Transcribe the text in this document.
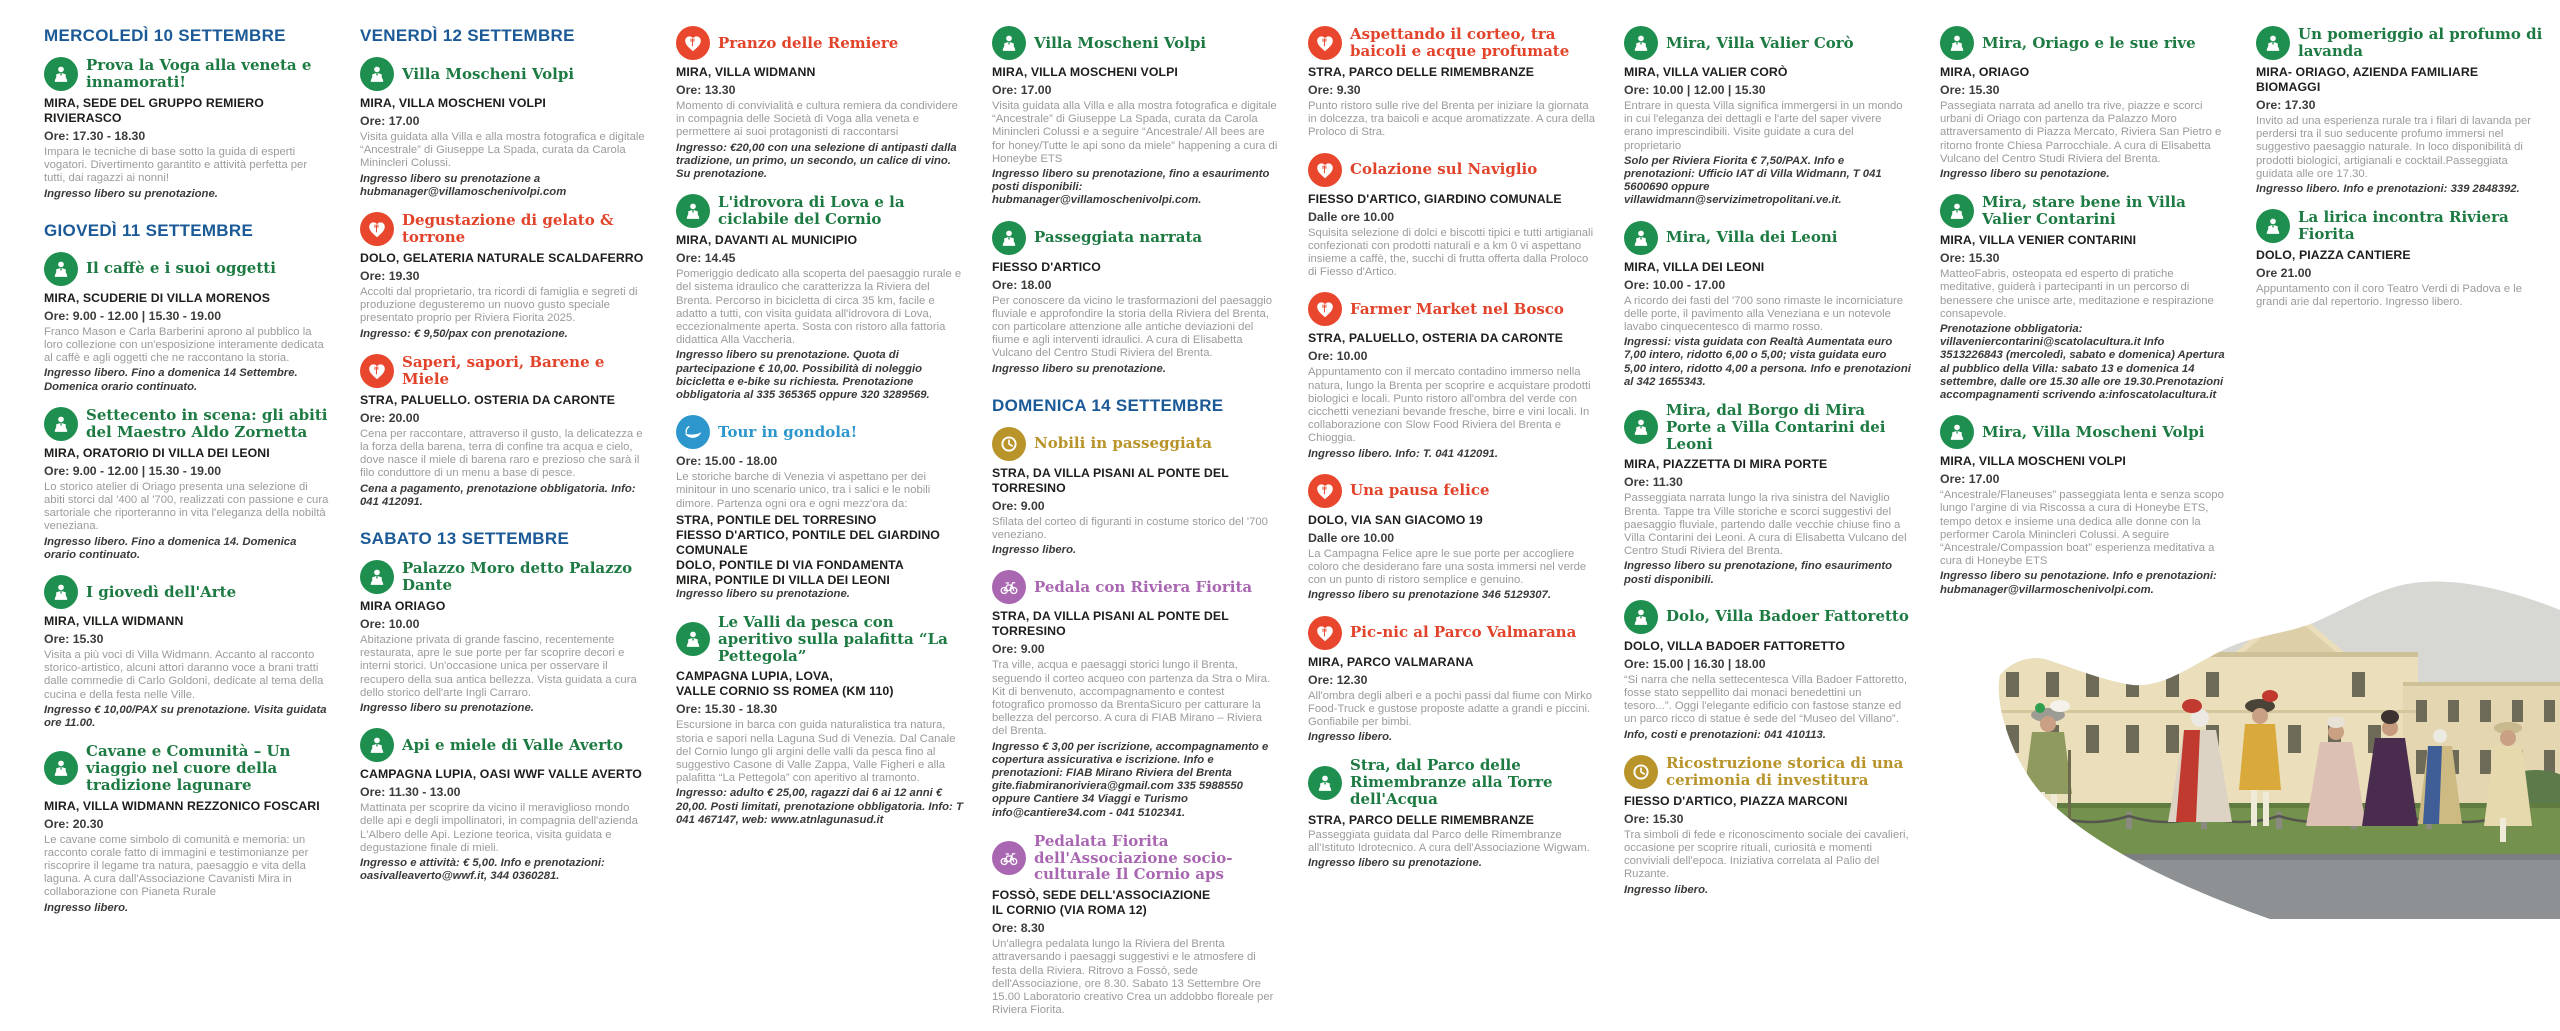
MERCOLEDÌ 10 SETTEMBRE
Prova la Voga alla veneta e innamorati!
MIRA, SEDE DEL GRUPPO REMIERO RIVIERASCO
Ore: 17.30 - 18.30

Impara le tecniche di base sotto la guida di esperti vogatori. Divertimento garantito e attività perfetta per tutti, dai ragazzi ai nonni!

Ingresso libero su prenotazione.

GIOVEDÌ 11 SETTEMBRE
Il caffè e i suoi oggetti
MIRA, SCUDERIE DI VILLA MORENOS
Ore: 9.00 - 12.00 | 15.30 - 19.00

Franco Mason e Carla Barberini aprono al pubblico la loro collezione con un'esposizione interamente dedicata al caffè e agli oggetti che ne raccontano la storia.

Ingresso libero. Fino a domenica 14 Settembre. Domenica orario continuato.

Settecento in scena: gli abiti del Maestro Aldo Zornetta
MIRA, ORATORIO DI VILLA DEI LEONI
Ore: 9.00 - 12.00 | 15.30 - 19.00

Lo storico atelier di Oriago presenta una selezione di abiti storci dal '400 al '700, realizzati con passione e cura sartoriale che riporteranno in vita l'eleganza della nobiltà veneziana.

Ingresso libero. Fino a domenica 14. Domenica orario continuato.

I giovedì dell'Arte
MIRA, VILLA WIDMANN
Ore: 15.30

Visita a più voci di Villa Widmann. Accanto al racconto storico-artistico, alcuni attori daranno voce a brani tratti dalle commedie di Carlo Goldoni, dedicate al tema della cucina e della festa nelle Ville.

Ingresso € 10,00/PAX su prenotazione. Visita guidata ore 11.00.

Cavane e Comunità – Un viaggio nel cuore della tradizione lagunare
MIRA, VILLA WIDMANN REZZONICO FOSCARI
Ore: 20.30

Le cavane come simbolo di comunità e memoria: un racconto corale fatto di immagini e testimonianze per riscoprire il legame tra natura, paesaggio e vita della laguna. A cura dall'Associazione Cavanisti Mira in collaborazione con Pianeta Rurale

Ingresso libero.

VENERDÌ 12 SETTEMBRE
Villa Moscheni Volpi
MIRA, VILLA MOSCHENI VOLPI
Ore: 17.00

Visita guidata alla Villa e alla mostra fotografica e digitale “Ancestrale” di Giuseppe La Spada, curata da Carola Minincleri Colussi.

Ingresso libero su prenotazione a hubmanager@villamoschenivolpi.com

Degustazione di gelato & torrone
DOLO, GELATERIA NATURALE SCALDAFERRO
Ore: 19.30

Accolti dal proprietario, tra ricordi di famiglia e segreti di produzione degusteremo un nuovo gusto speciale presentato proprio per Riviera Fiorita 2025.

Ingresso: € 9,50/pax con prenotazione.

Saperi, sapori, Barene e Miele
STRA, PALUELLO. OSTERIA DA CARONTE
Ore: 20.00

Cena per raccontare, attraverso il gusto, la delicatezza e la forza della barena, terra di confine tra acqua e cielo, dove nasce il miele di barena raro e prezioso che sarà il filo conduttore di un menu a base di pesce.

Cena a pagamento, prenotazione obbligatoria. Info: 041 412091.

SABATO 13 SETTEMBRE
Palazzo Moro detto Palazzo Dante
MIRA ORIAGO
Ore: 10.00

Abitazione privata di grande fascino, recentemente restaurata, apre le sue porte per far scoprire decori e interni storici. Un'occasione unica per osservare il recupero della sua antica bellezza. Vista guidata a cura dello storico dell'arte Ingli Carraro.

Ingresso libero su prenotazione.

Api e miele di Valle Averto
CAMPAGNA LUPIA, OASI WWF VALLE AVERTO
Ore: 11.30 - 13.00

Mattinata per scoprire da vicino il meraviglioso mondo delle api e degli impollinatori, in compagnia dell'azienda L'Albero delle Api. Lezione teorica, visita guidata e degustazione finale di mieli.

Ingresso e attività: € 5,00. Info e prenotazioni: oasivalleaverto@wwf.it, 344 0360281.

Pranzo delle Remiere
MIRA, VILLA WIDMANN
Ore: 13.30

Momento di convivialità e cultura remiera da condividere in compagnia delle Società di Voga alla veneta e permettere ai suoi protagonisti di raccontarsi

Ingresso: €20,00 con una selezione di antipasti dalla tradizione, un primo, un secondo, un calice di vino. Su prenotazione.

L'idrovora di Lova e la ciclabile del Cornio
MIRA, DAVANTI AL MUNICIPIO
Ore: 14.45

Pomeriggio dedicato alla scoperta del paesaggio rurale e del sistema idraulico che caratterizza la Riviera del Brenta. Percorso in bicicletta di circa 35 km, facile e adatto a tutti, con visita guidata all'idrovora di Lova, eccezionalmente aperta. Sosta con ristoro alla fattoria didattica Alla Vaccheria.

Ingresso libero su prenotazione. Quota di partecipazione € 10,00. Possibilità di noleggio bicicletta e e-bike su richiesta. Prenotazione obbligatoria al 335 365365 oppure 320 3289569.

Tour in gondola!
Ore: 15.00 - 18.00

Le storiche barche di Venezia vi aspettano per dei minitour in uno scenario unico, tra i salici e le nobili dimore. Partenza ogni ora e ogni mezz'ora da:

STRA, PONTILE DEL TORRESINO
FIESSO D'ARTICO, PONTILE DEL GIARDINO COMUNALE
DOLO, PONTILE DI VIA FONDAMENTA
MIRA, PONTILE DI VILLA DEI LEONI

Ingresso libero su prenotazione.

Le Valli da pesca con aperitivo sulla palafitta “La Pettegola”
CAMPAGNA LUPIA, LOVA,
VALLE CORNIO SS ROMEA (KM 110)
Ore: 15.30 - 18.30

Escursione in barca con guida naturalistica tra natura, storia e sapori nella Laguna Sud di Venezia. Dal Canale del Cornio lungo gli argini delle valli da pesca fino al suggestivo Casone di Valle Zappa, Valle Figheri e alla palafitta “La Pettegola” con aperitivo al tramonto.

Ingresso: adulto € 25,00, ragazzi dai 6 ai 12 anni € 20,00. Posti limitati, prenotazione obbligatoria. Info: T 041 467147, web: www.atnlagunasud.it

Villa Moscheni Volpi
MIRA, VILLA MOSCHENI VOLPI
Ore: 17.00

Visita guidata alla Villa e alla mostra fotografica e digitale “Ancestrale” di Giuseppe La Spada, curata da Carola Minincleri Colussi e a seguire “Ancestrale/ All bees are for honey/Tutte le api sono da miele” happening a cura di Honeybe ETS

Ingresso libero su prenotazione, fino a esaurimento posti disponibili: hubmanager@villamoschenivolpi.com.

Passeggiata narrata
FIESSO D'ARTICO
Ore: 18.00

Per conoscere da vicino le trasformazioni del paesaggio fluviale e approfondire la storia della Riviera del Brenta, con particolare attenzione alle antiche deviazioni del fiume e agli interventi idraulici. A cura di Elisabetta Vulcano del Centro Studi Riviera del Brenta.

Ingresso libero su prenotazione.

DOMENICA 14 SETTEMBRE
Nobili in passeggiata
STRA, DA VILLA PISANI AL PONTE DEL TORRESINO
Ore: 9.00

Sfilata del corteo di figuranti in costume storico del '700 veneziano.

Ingresso libero.

Pedala con Riviera Fiorita
STRA, DA VILLA PISANI AL PONTE DEL TORRESINO
Ore: 9.00

Tra ville, acqua e paesaggi storici lungo il Brenta, seguendo il corteo acqueo con partenza da Stra o Mira. Kit di benvenuto, accompagnamento e contest fotografico promosso da BrentaSicuro per catturare la bellezza del percorso. A cura di FIAB Mirano – Riviera del Brenta.

Ingresso € 3,00 per iscrizione, accompagnamento e copertura assicurativa e iscrizione. Info e prenotazioni: FIAB Mirano Riviera del Brenta gite.fiabmiranoriviera@gmail.com 335 5988550 oppure Cantiere 34 Viaggi e Turismo info@cantiere34.com - 041 5102341.

Pedalata Fiorita dell'Associazione socio-culturale Il Cornio aps
FOSSÒ, SEDE DELL'ASSOCIAZIONE
IL CORNIO (VIA ROMA 12)
Ore: 8.30

Un'allegra pedalata lungo la Riviera del Brenta attraversando i paesaggi suggestivi e le atmosfere di festa della Riviera. Ritrovo a Fossò, sede dell'Associazione, ore 8.30. Sabato 13 Settembre Ore 15.00 Laboratorio creativo Crea un addobbo floreale per Riviera Fiorita.

Aspettando il corteo, tra baicoli e acque profumate
STRA, PARCO DELLE RIMEMBRANZE
Ore: 9.30

Punto ristoro sulle rive del Brenta per iniziare la giornata in dolcezza, tra baicoli e acque aromatizzate. A cura della Proloco di Stra.

Colazione sul Naviglio
FIESSO D'ARTICO, GIARDINO COMUNALE
Dalle ore 10.00

Squisita selezione di dolci e biscotti tipici e tutti artigianali confezionati con prodotti naturali e a km 0 vi aspettano insieme a caffè, the, succhi di frutta offerta dalla Proloco di Fiesso d'Artico.

Farmer Market nel Bosco
STRA, PALUELLO, OSTERIA DA CARONTE
Ore: 10.00

Appuntamento con il mercato contadino immerso nella natura, lungo la Brenta per scoprire e acquistare prodotti biologici e locali. Punto ristoro all'ombra del verde con cicchetti veneziani bevande fresche, birre e vini locali. In collaborazione con Slow Food Riviera del Brenta e Chioggia.

Ingresso libero. Info: T. 041 412091.

Una pausa felice
DOLO, VIA SAN GIACOMO 19
Dalle ore 10.00

La Campagna Felice apre le sue porte per accogliere coloro che desiderano fare una sosta immersi nel verde con un punto di ristoro semplice e genuino.

Ingresso libero su prenotazione 346 5129307.

Pic-nic al Parco Valmarana
MIRA, PARCO VALMARANA
Ore: 12.30

All'ombra degli alberi e a pochi passi dal fiume con Mirko Food-Truck e gustose proposte adatte a grandi e piccini. Gonfiabile per bimbi.

Ingresso libero.

Stra, dal Parco delle Rimembranze alla Torre dell'Acqua
STRA, PARCO DELLE RIMEMBRANZE

Passeggiata guidata dal Parco delle Rimembranze all'Istituto Idrotecnico. A cura dell'Associazione Wigwam.

Ingresso libero su prenotazione.

Mira, Villa Valier Corò
MIRA, VILLA VALIER CORÒ
Ore: 10.00 | 12.00 | 15.30

Entrare in questa Villa significa immergersi in un mondo in cui l'eleganza dei dettagli e l'arte del saper vivere erano imprescindibili. Visite guidate a cura del proprietario

Solo per Riviera Fiorita € 7,50/PAX. Info e prenotazioni: Ufficio IAT di Villa Widmann, T 041 5600690 oppure villawidmann@servizimetropolitani.ve.it.

Mira, Villa dei Leoni
MIRA, VILLA DEI LEONI
Ore: 10.00 - 17.00

A ricordo dei fasti del '700 sono rimaste le incorniciature delle porte, il pavimento alla Veneziana e un notevole lavabo cinquecentesco di marmo rosso.

Ingressi: vista guidata con Realtà Aumentata euro 7,00 intero, ridotto 6,00 o 5,00; vista guidata euro 5,00 intero, ridotto 4,00 a persona. Info e prenotazioni al 342 1655343.

Mira, dal Borgo di Mira Porte a Villa Contarini dei Leoni
MIRA, PIAZZETTA DI MIRA PORTE
Ore: 11.30

Passeggiata narrata lungo la riva sinistra del Naviglio Brenta. Tappe tra Ville storiche e scorci suggestivi del paesaggio fluviale, partendo dalle vecchie chiuse fino a Villa Contarini dei Leoni. A cura di Elisabetta Vulcano del Centro Studi Riviera del Brenta.

Ingresso libero su prenotazione, fino esaurimento posti disponibili.

Dolo, Villa Badoer Fattoretto
DOLO, VILLA BADOER FATTORETTO
Ore: 15.00 | 16.30 | 18.00

“Si narra che nella settecentesca Villa Badoer Fattoretto, fosse stato seppellito dai monaci benedettini un tesoro...”. Oggi l'elegante edificio con fastose stanze ed un parco ricco di statue è sede del “Museo del Villano”.

Info, costi e prenotazioni: 041 410113.

Ricostruzione storica di una cerimonia di investitura
FIESSO D'ARTICO, PIAZZA MARCONI
Ore: 15.30

Tra simboli di fede e riconoscimento sociale dei cavalieri, occasione per scoprire rituali, curiosità e momenti conviviali dell'epoca. Iniziativa correlata al Palio del Ruzante.

Ingresso libero.

Mira, Oriago e le sue rive
MIRA, ORIAGO
Ore: 15.30

Passegiata narrata ad anello tra rive, piazze e scorci urbani di Oriago con partenza da Palazzo Moro attraversamento di Piazza Mercato, Riviera San Pietro e ritorno fronte Chiesa Parrocchiale. A cura di Elisabetta Vulcano del Centro Studi Riviera del Brenta.

Ingresso libero su penotazione.

Mira, stare bene in Villa Valier Contarini
MIRA, VILLA VENIER CONTARINI
Ore: 15.30

MatteoFabris, osteopata ed esperto di pratiche meditative, guiderà i partecipanti in un percorso di benessere che unisce arte, meditazione e respirazione consapevole.

Prenotazione obbligatoria: villaveniercontarini@scatolacultura.it Info 3513226843 (mercoledì, sabato e domenica) Apertura al pubblico della Villa: sabato 13 e domenica 14 settembre, dalle ore 15.30 alle ore 19.30.Prenotazioni accompagnamenti scrivendo a:infoscatolacultura.it

Mira, Villa Moscheni Volpi
MIRA, VILLA MOSCHENI VOLPI
Ore: 17.00

“Ancestrale/Flaneuses” passeggiata lenta e senza scopo lungo l'argine di via Riscossa a cura di Honeybe ETS, tempo detox e insieme una dedica alle donne con la performer Carola Minincleri Colussi. A seguire “Ancestrale/Compassion boat” esperienza meditativa a cura di Honeybe ETS

Ingresso libero su penotazione. Info e prenotazioni: hubmanager@villarmoschenivolpi.com.

Un pomeriggio al profumo di lavanda
MIRA- ORIAGO, AZIENDA FAMILIARE BIOMAGGI
Ore: 17.30

Invito ad una esperienza rurale tra i filari di lavanda per perdersi tra il suo seducente profumo immersi nel suggestivo paesaggio naturale. In loco disponibilità di prodotti biologici, artigianali e cocktail.Passeggiata guidata alle ore 17.30.

Ingresso libero. Info e prenotazioni: 339 2848392.

La lirica incontra Riviera Fiorita
DOLO, PIAZZA CANTIERE
Ore 21.00

Appuntamento con il coro Teatro Verdi di Padova e le grandi arie dal repertorio. Ingresso libero.
